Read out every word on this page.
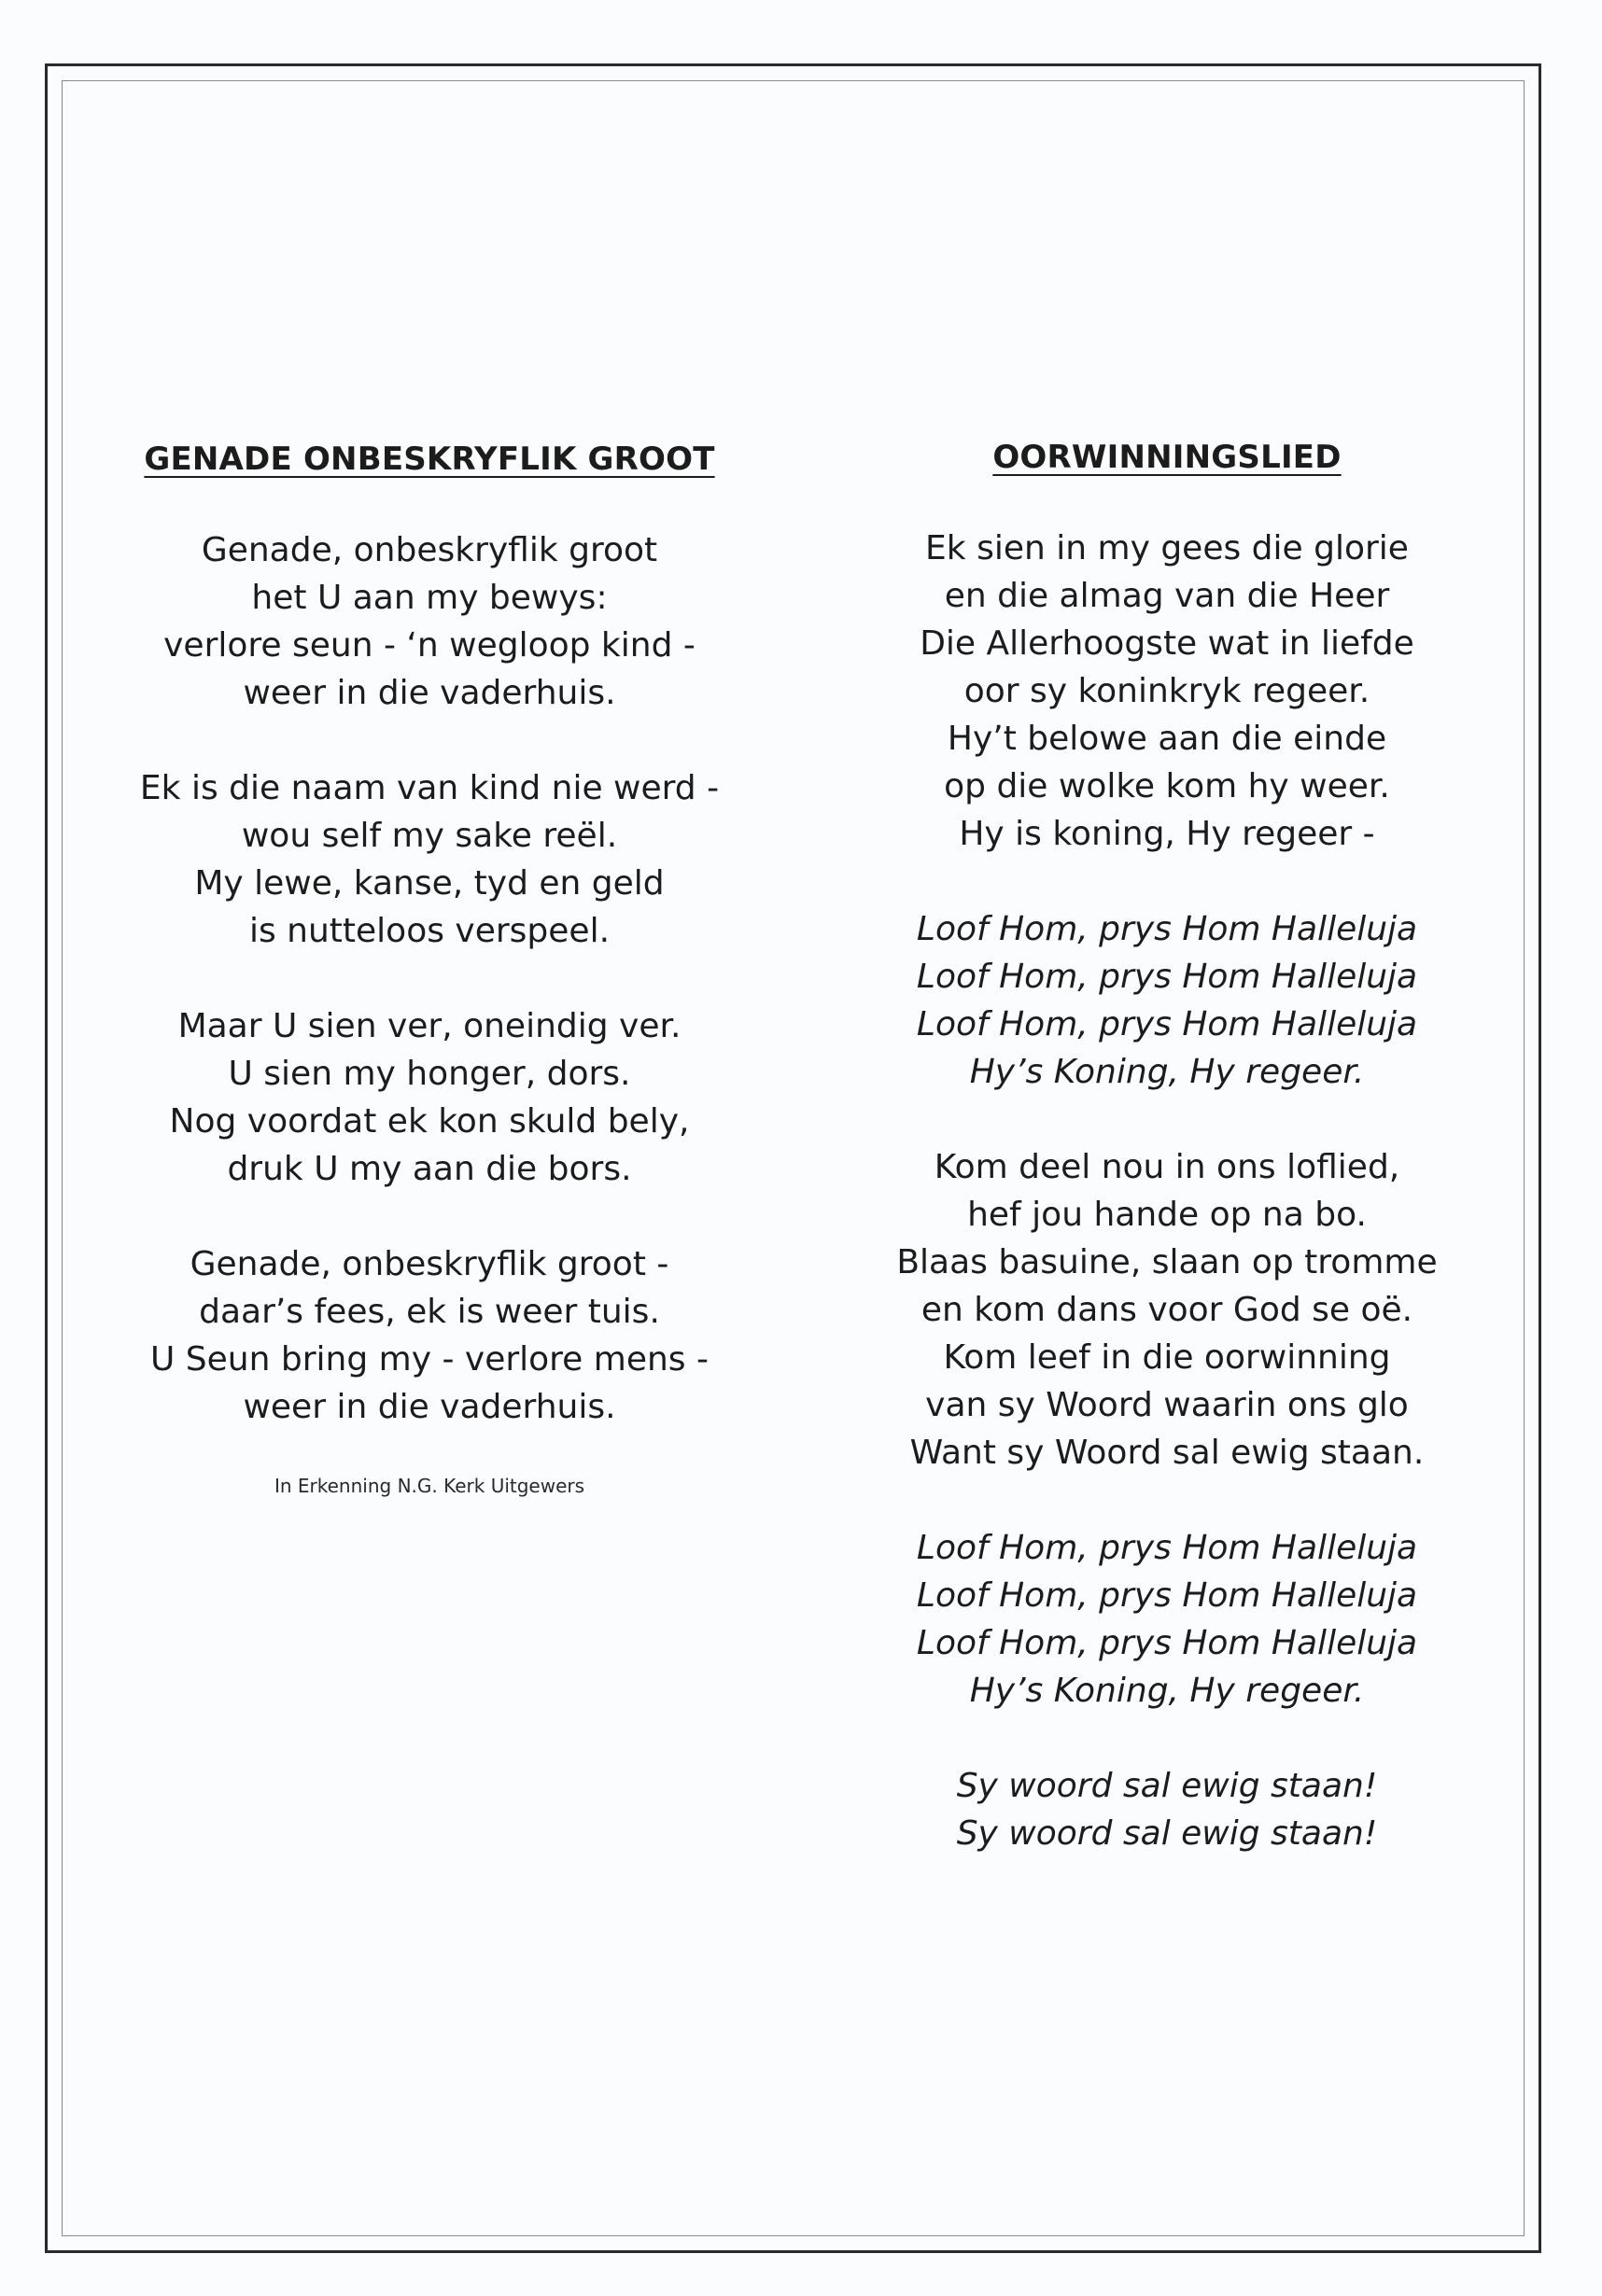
GENADE ONBESKRYFLIK GROOT
Genade, onbeskryflik groot
het U aan my bewys:
verlore seun - ‘n wegloop kind -
weer in die vaderhuis.
Ek is die naam van kind nie werd -
wou self my sake reël.
My lewe, kanse, tyd en geld
is nutteloos verspeel.
Maar U sien ver, oneindig ver.
U sien my honger, dors.
Nog voordat ek kon skuld bely,
druk U my aan die bors.
Genade, onbeskryflik groot -
daar’s fees, ek is weer tuis.
U Seun bring my - verlore mens -
weer in die vaderhuis.
In Erkenning N.G. Kerk Uitgewers
OORWINNINGSLIED
Ek sien in my gees die glorie
en die almag van die Heer
Die Allerhoogste wat in liefde
oor sy koninkryk regeer.
Hy’t belowe aan die einde
op die wolke kom hy weer.
Hy is koning, Hy regeer -
Loof Hom, prys Hom Halleluja
Loof Hom, prys Hom Halleluja
Loof Hom, prys Hom Halleluja
Hy’s Koning, Hy regeer.
Kom deel nou in ons loflied,
hef jou hande op na bo.
Blaas basuine, slaan op tromme
en kom dans voor God se oë.
Kom leef in die oorwinning
van sy Woord waarin ons glo
Want sy Woord sal ewig staan.
Loof Hom, prys Hom Halleluja
Loof Hom, prys Hom Halleluja
Loof Hom, prys Hom Halleluja
Hy’s Koning, Hy regeer.
Sy woord sal ewig staan!
Sy woord sal ewig staan!
